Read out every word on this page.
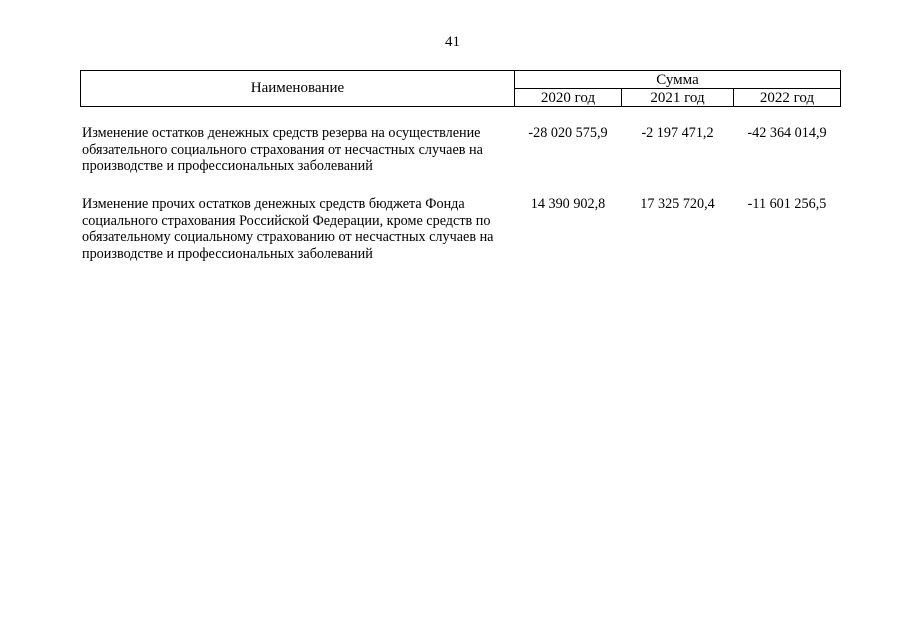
41
Наименование	Сумма
2020 год	2021 год	2022 год
Изменение остатков денежных средств резерва на осуществление обязательного социального страхования от несчастных случаев на производстве и профессиональных заболеваний
-28 020 575,9	-2 197 471,2	-42 364 014,9
Изменение прочих остатков денежных средств бюджета Фонда социального страхования Российской Федерации, кроме средств по обязательному социальному страхованию от несчастных случаев на производстве и профессиональных заболеваний
14 390 902,8	17 325 720,4	-11 601 256,5
